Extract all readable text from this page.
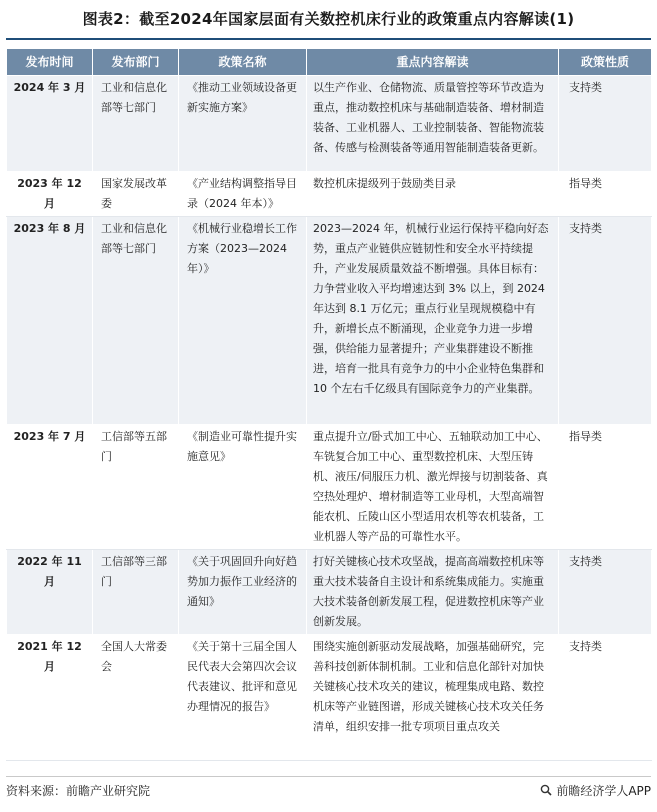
图表2：截至2024年国家层面有关数控机床行业的政策重点内容解读(1)
发布时间	发布部门	政策名称	重点内容解读	政策性质
2024 年 3 月	工业和信息化部等七部门	《推动工业领域设备更新实施方案》	以生产作业、仓储物流、质量管控等环节改造为重点，推动数控机床与基础制造装备、增材制造装备、工业机器人、工业控制装备、智能物流装备、传感与检测装备等通用智能制造装备更新。	支持类
2023 年 12 月	国家发展改革委	《产业结构调整指导目录（2024 年本）》	数控机床提级列于鼓励类目录	指导类
2023 年 8 月	工业和信息化部等七部门	《机械行业稳增长工作方案（2023—2024年）》	2023—2024 年，机械行业运行保持平稳向好态势，重点产业链供应链韧性和安全水平持续提升，产业发展质量效益不断增强。具体目标有：力争营业收入平均增速达到 3% 以上，到 2024 年达到 8.1 万亿元；重点行业呈现规模稳中有升，新增长点不断涌现，企业竞争力进一步增强，供给能力显著提升；产业集群建设不断推进，培育一批具有竞争力的中小企业特色集群和 10 个左右千亿级具有国际竞争力的产业集群。	支持类
2023 年 7 月	工信部等五部门	《制造业可靠性提升实施意见》	重点提升立/卧式加工中心、五轴联动加工中心、车铣复合加工中心、重型数控机床、大型压铸机、液压/伺服压力机、激光焊接与切割装备、真空热处理炉、增材制造等工业母机，大型高端智能农机、丘陵山区小型适用农机等农机装备，工业机器人等产品的可靠性水平。	指导类
2022 年 11 月	工信部等三部门	《关于巩固回升向好趋势加力振作工业经济的通知》	打好关键核心技术攻坚战，提高高端数控机床等重大技术装备自主设计和系统集成能力。实施重大技术装备创新发展工程，促进数控机床等产业创新发展。	支持类
2021 年 12 月	全国人大常委会	《关于第十三届全国人民代表大会第四次会议代表建议、批评和意见办理情况的报告》	围绕实施创新驱动发展战略，加强基础研究，完善科技创新体制机制。工业和信息化部针对加快关键核心技术攻关的建议，梳理集成电路、数控机床等产业链图谱，形成关键核心技术攻关任务清单，组织安排一批专项项目重点攻关	支持类
资料来源：前瞻产业研究院	前瞻经济学人APP
